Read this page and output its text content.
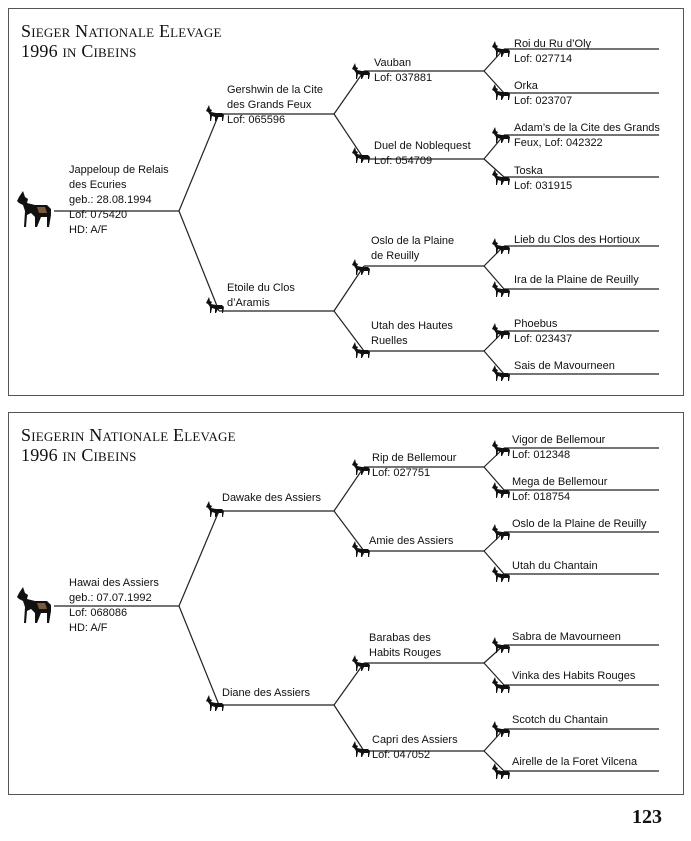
Sieger Nationale Elevage
1996 in Cibeins
Jappeloup de Relais
des Ecuries
geb.: 28.08.1994
Lof: 075420
HD: A/F
Gershwin de la Cite
des Grands Feux
Lof: 065596
Etoile du Clos
d’Aramis
Vauban
Lof: 037881
Duel de Noblequest
Lof: 054709
Oslo de la Plaine
de Reuilly
Utah des Hautes
Ruelles
Roi du Ru d’Oly
Lof: 027714
Orka
Lof: 023707
Adam’s de la Cite des Grands
Feux, Lof: 042322
Toska
Lof: 031915
Lieb du Clos des Hortioux
Ira de la Plaine de Reuilly
Phoebus
Lof: 023437
Sais de Mavourneen
Siegerin Nationale Elevage
1996 in Cibeins
Hawai des Assiers
geb.: 07.07.1992
Lof: 068086
HD: A/F
Dawake des Assiers
Diane des Assiers
Rip de Bellemour
Lof: 027751
Amie des Assiers
Barabas des
Habits Rouges
Capri des Assiers
Lof: 047052
Vigor de Bellemour
Lof: 012348
Mega de Bellemour
Lof: 018754
Oslo de la Plaine de Reuilly
Utah du Chantain
Sabra de Mavourneen
Vinka des Habits Rouges
Scotch du Chantain
Airelle de la Foret Vilcena
123
